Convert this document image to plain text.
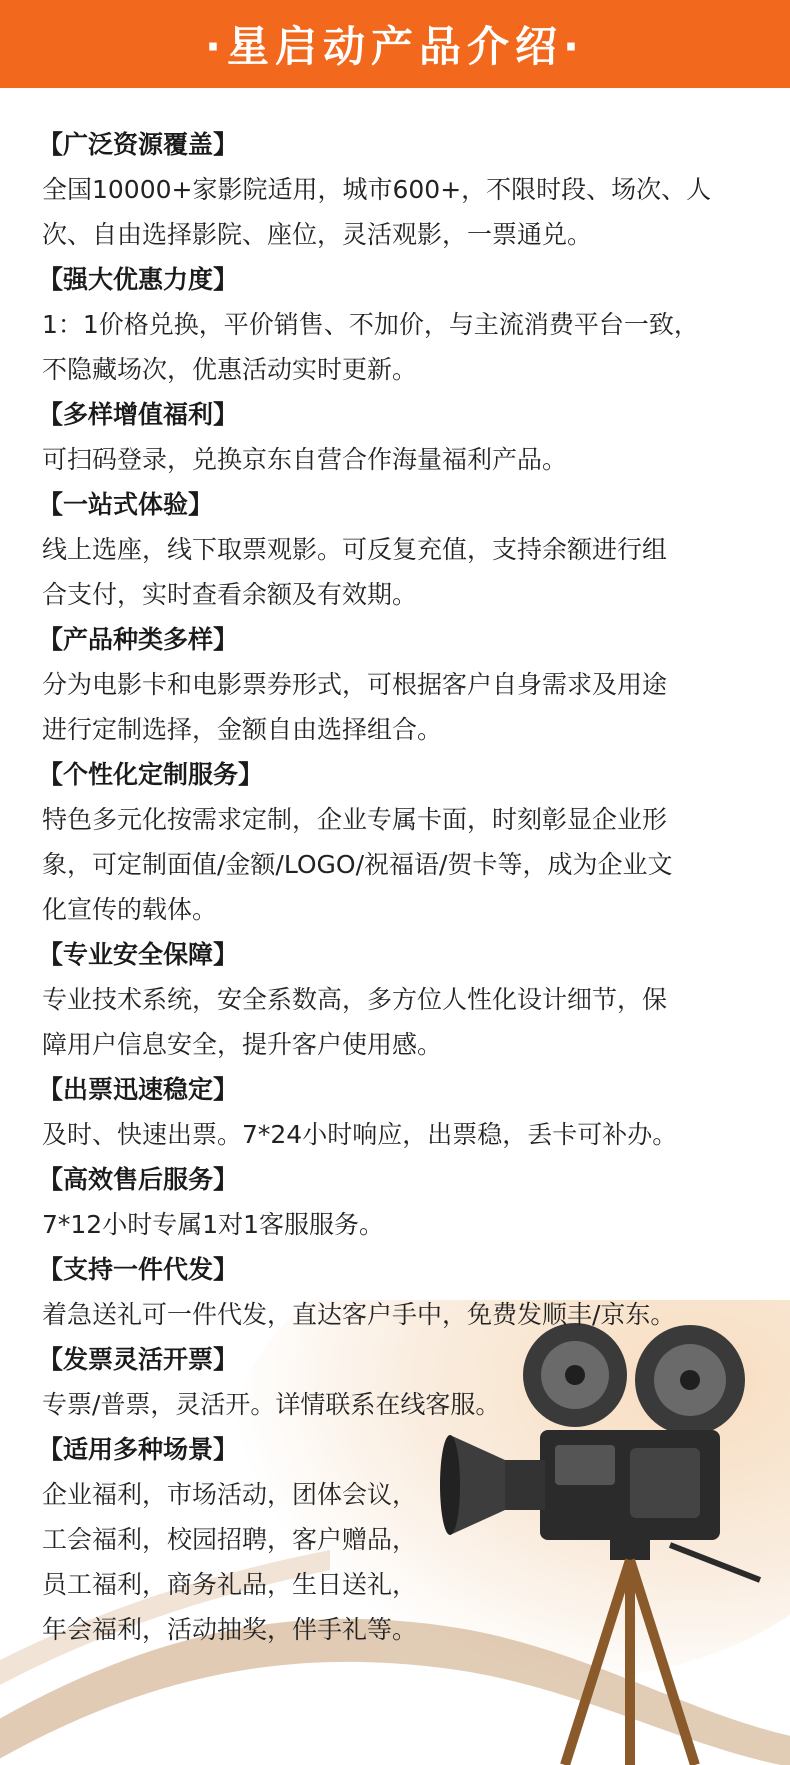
·星启动产品介绍·
【广泛资源覆盖】
全国10000+家影院适用，城市600+，不限时段、场次、人
次、自由选择影院、座位，灵活观影，一票通兑。
【强大优惠力度】
1：1价格兑换，平价销售、不加价，与主流消费平台一致，
不隐藏场次，优惠活动实时更新。
【多样增值福利】
可扫码登录，兑换京东自营合作海量福利产品。
【一站式体验】
线上选座，线下取票观影。可反复充值，支持余额进行组
合支付，实时查看余额及有效期。
【产品种类多样】
分为电影卡和电影票券形式，可根据客户自身需求及用途
进行定制选择，金额自由选择组合。
【个性化定制服务】
特色多元化按需求定制，企业专属卡面，时刻彰显企业形
象，可定制面值/金额/LOGO/祝福语/贺卡等，成为企业文
化宣传的载体。
【专业安全保障】
专业技术系统，安全系数高，多方位人性化设计细节，保
障用户信息安全，提升客户使用感。
【出票迅速稳定】
及时、快速出票。7*24小时响应，出票稳，丢卡可补办。
【高效售后服务】
7*12小时专属1对1客服服务。
【支持一件代发】
着急送礼可一件代发，直达客户手中，免费发顺丰/京东。
【发票灵活开票】
专票/普票，灵活开。详情联系在线客服。
【适用多种场景】
企业福利，市场活动，团体会议，
工会福利，校园招聘，客户赠品，
员工福利，商务礼品，生日送礼，
年会福利，活动抽奖，伴手礼等。
